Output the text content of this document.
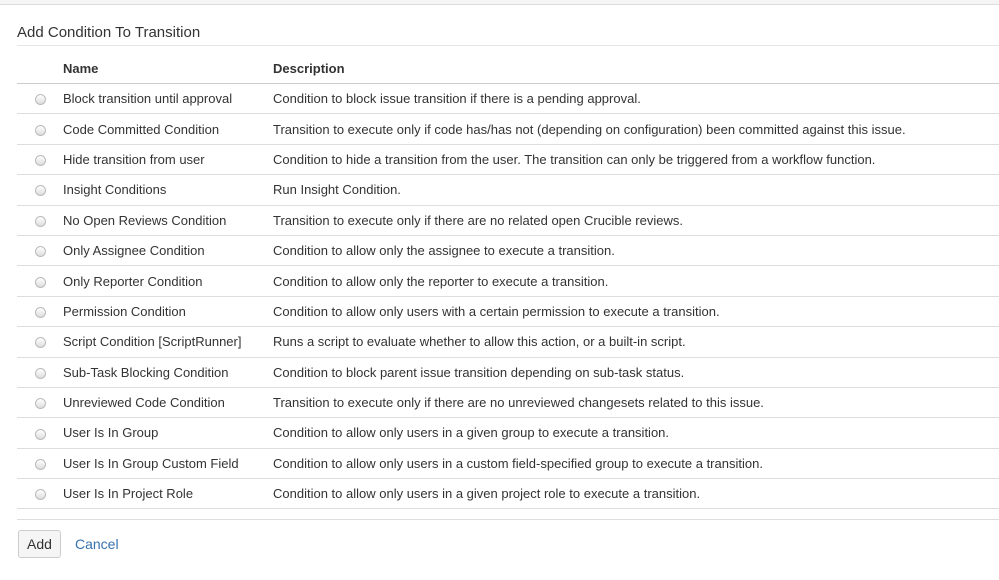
Add Condition To Transition
	Name	Description
	Block transition until approval	Condition to block issue transition if there is a pending approval.
	Code Committed Condition	Transition to execute only if code has/has not (depending on configuration) been committed against this issue.
	Hide transition from user	Condition to hide a transition from the user. The transition can only be triggered from a workflow function.
	Insight Conditions	Run Insight Condition.
	No Open Reviews Condition	Transition to execute only if there are no related open Crucible reviews.
	Only Assignee Condition	Condition to allow only the assignee to execute a transition.
	Only Reporter Condition	Condition to allow only the reporter to execute a transition.
	Permission Condition	Condition to allow only users with a certain permission to execute a transition.
	Script Condition [ScriptRunner]	Runs a script to evaluate whether to allow this action, or a built-in script.
	Sub-Task Blocking Condition	Condition to block parent issue transition depending on sub-task status.
	Unreviewed Code Condition	Transition to execute only if there are no unreviewed changesets related to this issue.
	User Is In Group	Condition to allow only users in a given group to execute a transition.
	User Is In Group Custom Field	Condition to allow only users in a custom field-specified group to execute a transition.
	User Is In Project Role	Condition to allow only users in a given project role to execute a transition.
Add	Cancel
